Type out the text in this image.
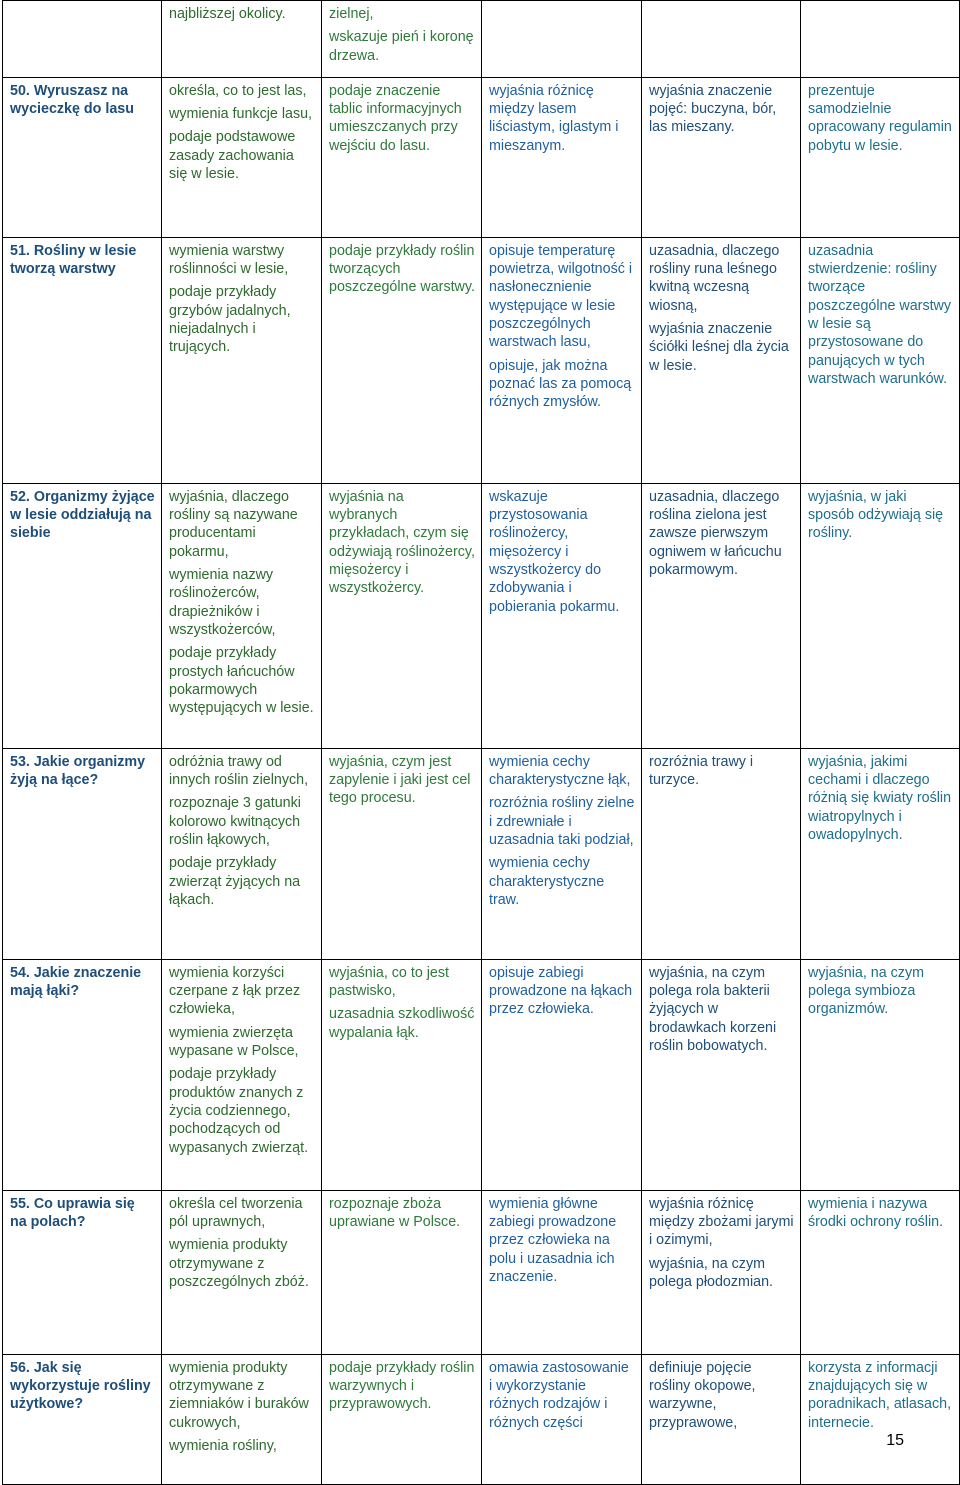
	najbliższej okolicy.	zielnej,
wskazuje pień i koronę drzewa.			

50. Wyruszasz na wycieczkę do lasu	określa, co to jest las,
wymienia funkcje lasu,
podaje podstawowe zasady zachowania się w lesie.	podaje znaczenie tablic informacyjnych umieszczanych przy wejściu do lasu.	wyjaśnia różnicę między lasem liściastym, iglastym i mieszanym.	wyjaśnia znaczenie pojęć: buczyna, bór, las mieszany.	prezentuje samodzielnie opracowany regulamin pobytu w lesie.

51. Rośliny w lesie tworzą warstwy	wymienia warstwy roślinności w lesie,
podaje przykłady grzybów jadalnych, niejadalnych i trujących.	podaje przykłady roślin tworzących poszczególne warstwy.	opisuje temperaturę powietrza, wilgotność i nasłonecznienie występujące w lesie poszczególnych warstwach lasu,
opisuje, jak można poznać las za pomocą różnych zmysłów.	uzasadnia, dlaczego rośliny runa leśnego kwitną wczesną wiosną,
wyjaśnia znaczenie ściółki leśnej dla życia w lesie.	uzasadnia stwierdzenie: rośliny tworzące poszczególne warstwy w lesie są przystosowane do panujących w tych warstwach warunków.

52. Organizmy żyjące w lesie oddziałują na siebie	wyjaśnia, dlaczego rośliny są nazywane producentami pokarmu,
wymienia nazwy roślinożerców, drapieżników i wszystkożerców,
podaje przykłady prostych łańcuchów pokarmowych występujących w lesie.	wyjaśnia na wybranych przykładach, czym się odżywiają roślinożercy, mięsożercy i wszystkożercy.	wskazuje przystosowania roślinożercy, mięsożercy i wszystkożercy do zdobywania i pobierania pokarmu.	uzasadnia, dlaczego roślina zielona jest zawsze pierwszym ogniwem w łańcuchu pokarmowym.	wyjaśnia, w jaki sposób odżywiają się rośliny.

53. Jakie organizmy żyją na łące?	odróżnia trawy od innych roślin zielnych,
rozpoznaje 3 gatunki kolorowo kwitnących roślin łąkowych,
podaje przykłady zwierząt żyjących na łąkach.	wyjaśnia, czym jest zapylenie i jaki jest cel tego procesu.	wymienia cechy charakterystyczne łąk,
rozróżnia rośliny zielne i zdrewniałe i uzasadnia taki podział,
wymienia cechy charakterystyczne traw.	rozróżnia trawy i turzyce.	wyjaśnia, jakimi cechami i dlaczego różnią się kwiaty roślin wiatropylnych i owadopylnych.

54. Jakie znaczenie mają łąki?	wymienia korzyści czerpane z łąk przez człowieka,
wymienia zwierzęta wypasane w Polsce,
podaje przykłady produktów znanych z życia codziennego, pochodzących od wypasanych zwierząt.	wyjaśnia, co to jest pastwisko,
uzasadnia szkodliwość wypalania łąk.	opisuje zabiegi prowadzone na łąkach przez człowieka.	wyjaśnia, na czym polega rola bakterii żyjących w brodawkach korzeni roślin bobowatych.	wyjaśnia, na czym polega symbioza organizmów.

55. Co uprawia się na polach?	określa cel tworzenia pól uprawnych,
wymienia produkty otrzymywane z poszczególnych zbóż.	rozpoznaje zboża uprawiane w Polsce.	wymienia główne zabiegi prowadzone przez człowieka na polu i uzasadnia ich znaczenie.	wyjaśnia różnicę między zbożami jarymi i ozimymi,
wyjaśnia, na czym polega płodozmian.	wymienia i nazywa środki ochrony roślin.

56. Jak się wykorzystuje rośliny użytkowe?	wymienia produkty otrzymywane z ziemniaków i buraków cukrowych,
wymienia rośliny,	podaje przykłady roślin warzywnych i przyprawowych.	omawia zastosowanie i wykorzystanie różnych rodzajów i różnych części	definiuje pojęcie rośliny okopowe, warzywne, przyprawowe,	korzysta z informacji znajdujących się w poradnikach, atlasach, internecie.
15
